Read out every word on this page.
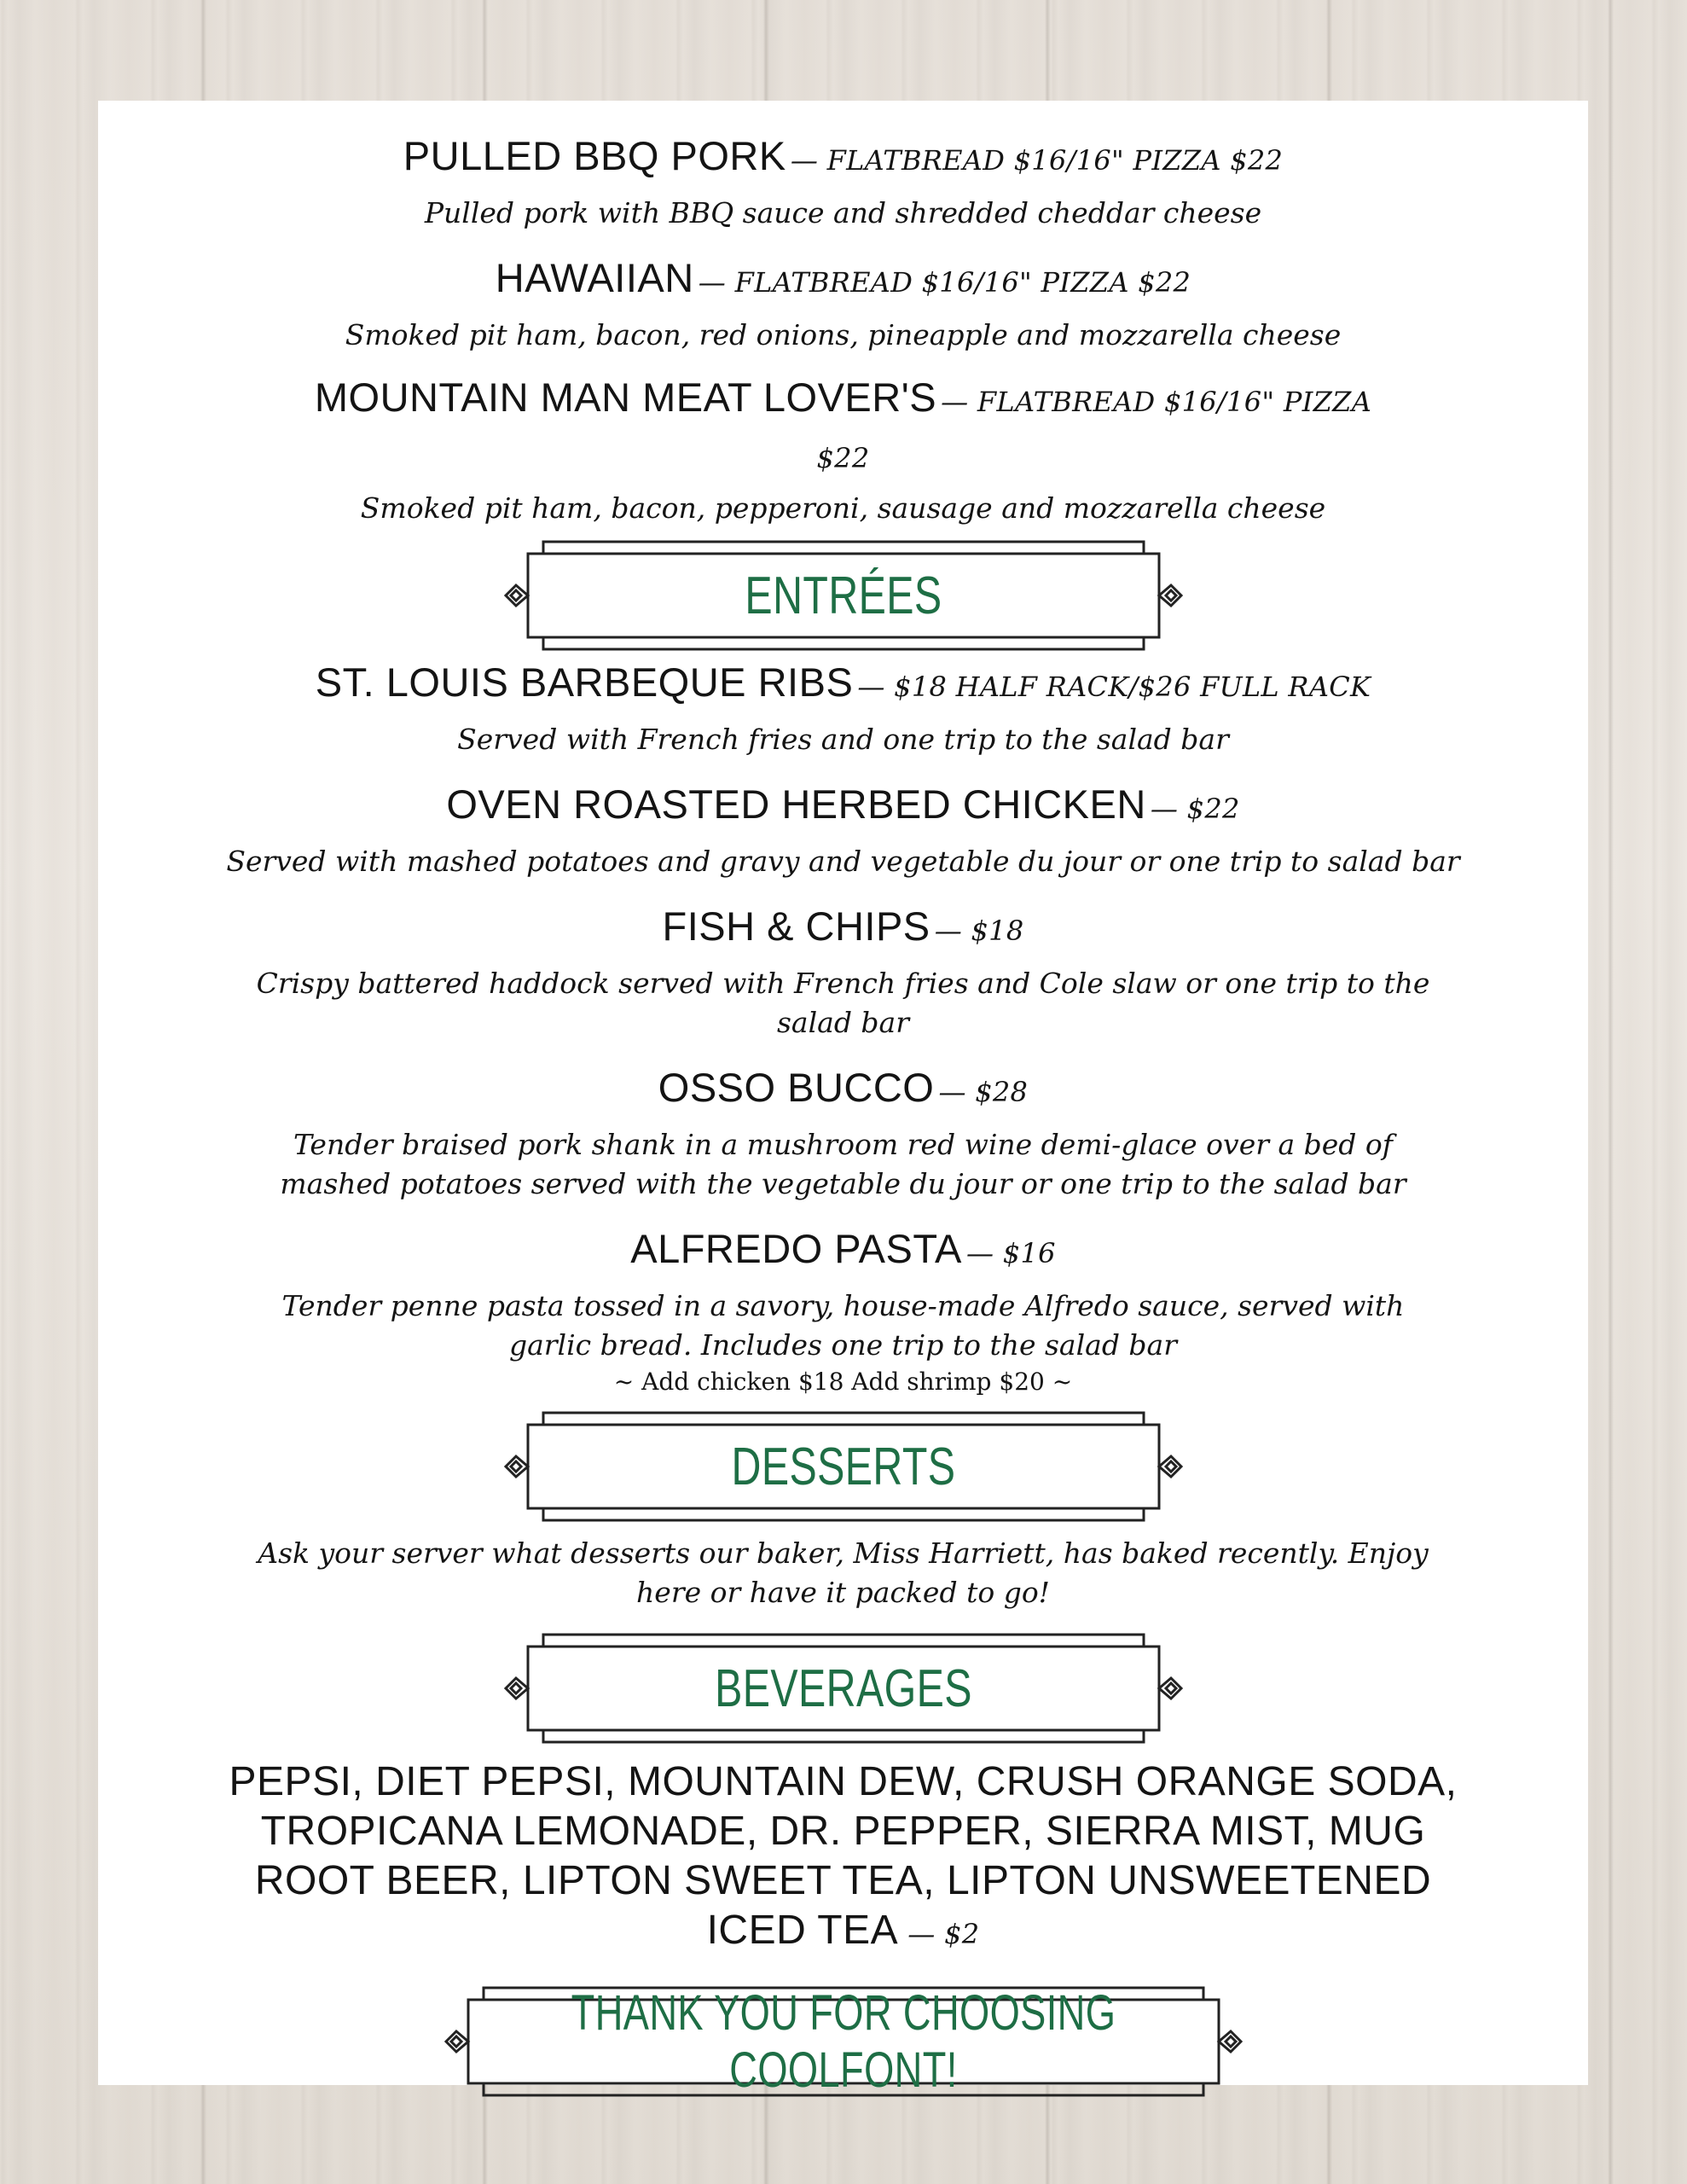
PULLED BBQ PORK — FLATBREAD $16/16" PIZZA $22
Pulled pork with BBQ sauce and shredded cheddar cheese
HAWAIIAN — FLATBREAD $16/16" PIZZA $22
Smoked pit ham, bacon, red onions, pineapple and mozzarella cheese
MOUNTAIN MAN MEAT LOVER'S — FLATBREAD $16/16" PIZZA $22
Smoked pit ham, bacon, pepperoni, sausage and mozzarella cheese
ENTRÉES
ST. LOUIS BARBEQUE RIBS — $18 HALF RACK/$26 FULL RACK
Served with French fries and one trip to the salad bar
OVEN ROASTED HERBED CHICKEN — $22
Served with mashed potatoes and gravy and vegetable du jour or one trip to salad bar
FISH & CHIPS — $18
Crispy battered haddock served with French fries and Cole slaw or one trip to the salad bar
OSSO BUCCO — $28
Tender braised pork shank in a mushroom red wine demi-glace over a bed of mashed potatoes served with the vegetable du jour or one trip to the salad bar
ALFREDO PASTA — $16
Tender penne pasta tossed in a savory, house-made Alfredo sauce, served with garlic bread. Includes one trip to the salad bar
~ Add chicken $18 Add shrimp $20 ~
DESSERTS
Ask your server what desserts our baker, Miss Harriett, has baked recently. Enjoy here or have it packed to go!
BEVERAGES
PEPSI, DIET PEPSI, MOUNTAIN DEW, CRUSH ORANGE SODA, TROPICANA LEMONADE, DR. PEPPER, SIERRA MIST, MUG ROOT BEER, LIPTON SWEET TEA, LIPTON UNSWEETENED ICED TEA — $2
THANK YOU FOR CHOOSING COOLFONT!
